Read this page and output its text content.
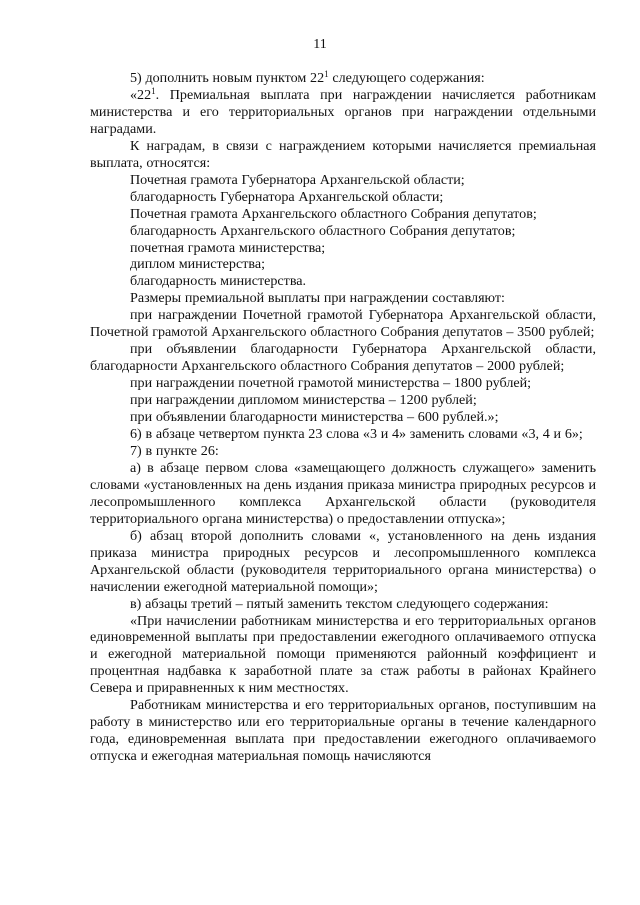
11

5) дополнить новым пунктом $22^1$ следующего содержания:

«$22^1$. Премиальная выплата при награждении начисляется работникам министерства и его территориальных органов при награждении отдельными наградами.

К наградам, в связи с награждением которыми начисляется премиальная выплата, относятся:

Почетная грамота Губернатора Архангельской области;

благодарность Губернатора Архангельской области;

Почетная грамота Архангельского областного Собрания депутатов;

благодарность Архангельского областного Собрания депутатов;

почетная грамота министерства;

диплом министерства;

благодарность министерства.

Размеры премиальной выплаты при награждении составляют:

при награждении Почетной грамотой Губернатора Архангельской области, Почетной грамотой Архангельского областного Собрания депутатов – 3500 рублей;

при объявлении благодарности Губернатора Архангельской области, благодарности Архангельского областного Собрания депутатов – 2000 рублей;

при награждении почетной грамотой министерства – 1800 рублей;

при награждении дипломом министерства – 1200 рублей;

при объявлении благодарности министерства – 600 рублей.»;

6) в абзаце четвертом пункта 23 слова «3 и 4» заменить словами «3, 4 и 6»;

7) в пункте 26:

а) в абзаце первом слова «замещающего должность служащего» заменить словами «установленных на день издания приказа министра природных ресурсов и лесопромышленного комплекса Архангельской области (руководителя территориального органа министерства) о предоставлении отпуска»;

б) абзац второй дополнить словами «, установленного на день издания приказа министра природных ресурсов и лесопромышленного комплекса Архангельской области (руководителя территориального органа министерства) о начислении ежегодной материальной помощи»;

в) абзацы третий – пятый заменить текстом следующего содержания:

«При начислении работникам министерства и его территориальных органов единовременной выплаты при предоставлении ежегодного оплачиваемого отпуска и ежегодной материальной помощи применяются районный коэффициент и процентная надбавка к заработной плате за стаж работы в районах Крайнего Севера и приравненных к ним местностях.

Работникам министерства и его территориальных органов, поступившим на работу в министерство или его территориальные органы в течение календарного года, единовременная выплата при предоставлении ежегодного оплачиваемого отпуска и ежегодная материальная помощь начисляются
